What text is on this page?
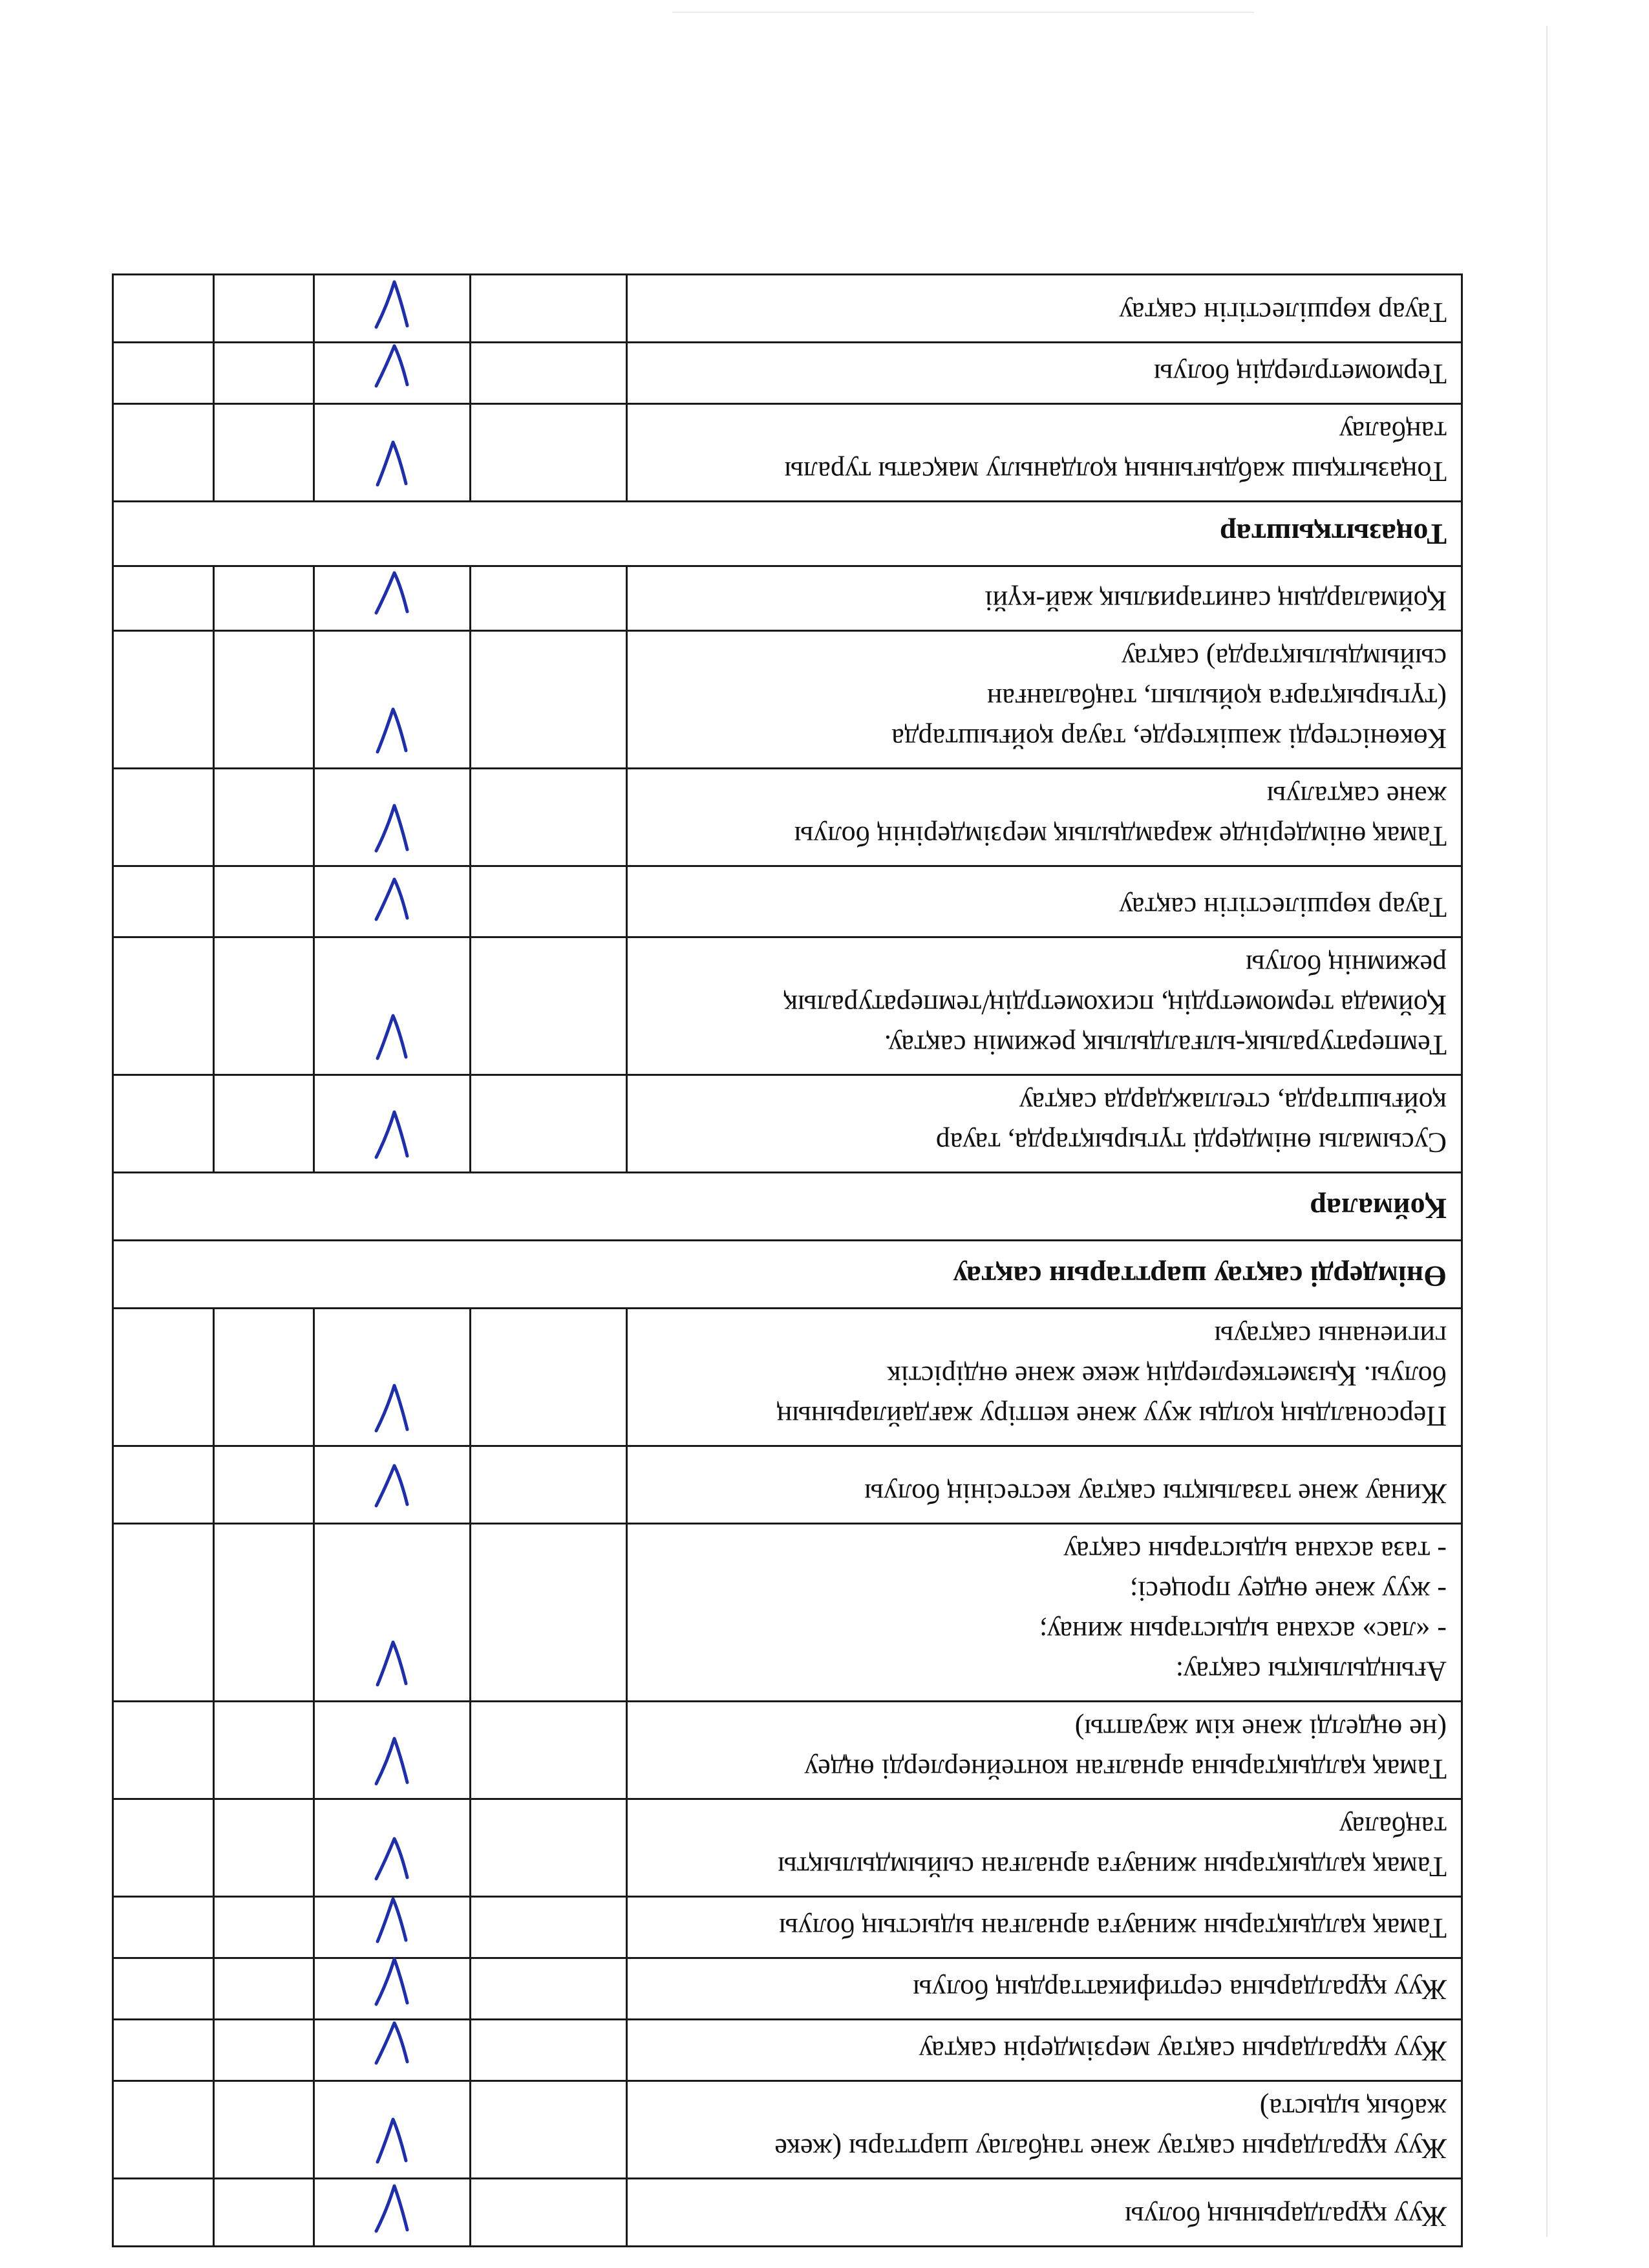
Жуу құралдарының болуы

Жуу құралдарын сақтау және таңбалау шарттары (жеке
жабық ыдыста)

Жуу құралдарын сақтау мерзімдерін сақтау

Жуу құралдарына сертификаттардың болуы

Тамақ қалдықтарын жинауға арналған ыдыстың болуы

Тамақ қалдықтарын жинауға арналған сыйымдылықты
таңбалау

Тамақ қалдықтарына арналған контейнерлерді өңдеу
(не өңделді және кім жауапты)

Ағындылықты сақтау:
- «лас» асхана ыдыстарын жинау;
- жуу және өңдеу процесі;
- таза асхана ыдыстарын сақтау

Жинау және тазалықты сақтау кестесінің болуы

Персоналдың қолды жуу және кептіру жағдайларының
болуы. Қызметкерлердің жеке және өндірістік
гигиенаны сақтауы

Өнімдерді сақтау шарттарын сақтау				

Қоймалар				

Сусымалы өнімдерді түгырықтарда, тауар
қойғыштарда, стеллаждарда сақтау

Температуралық-ылғалдылық режимін сақтау.
Қоймада термометрдің, психометрдің/температуралық
режимнің болуы

Тауар көршілестігін сақтау

Тамақ өнімдерінде жарамдылық мерзімдерінің болуы
және сақталуы

Көкөністерді жәшіктерде, тауар қойғыштарда
(түгырықтарға қойылып, таңбаланған
сыйымдылықтарда) сақтау

Қоймалардың санитариялық жай-күйі

Тоңазытқыштар				

Тоңазытқыш жабдығының қолданылу мақсаты туралы
таңбалау

Термометрлердің болуы

Тауар көршілестігін сақтау
